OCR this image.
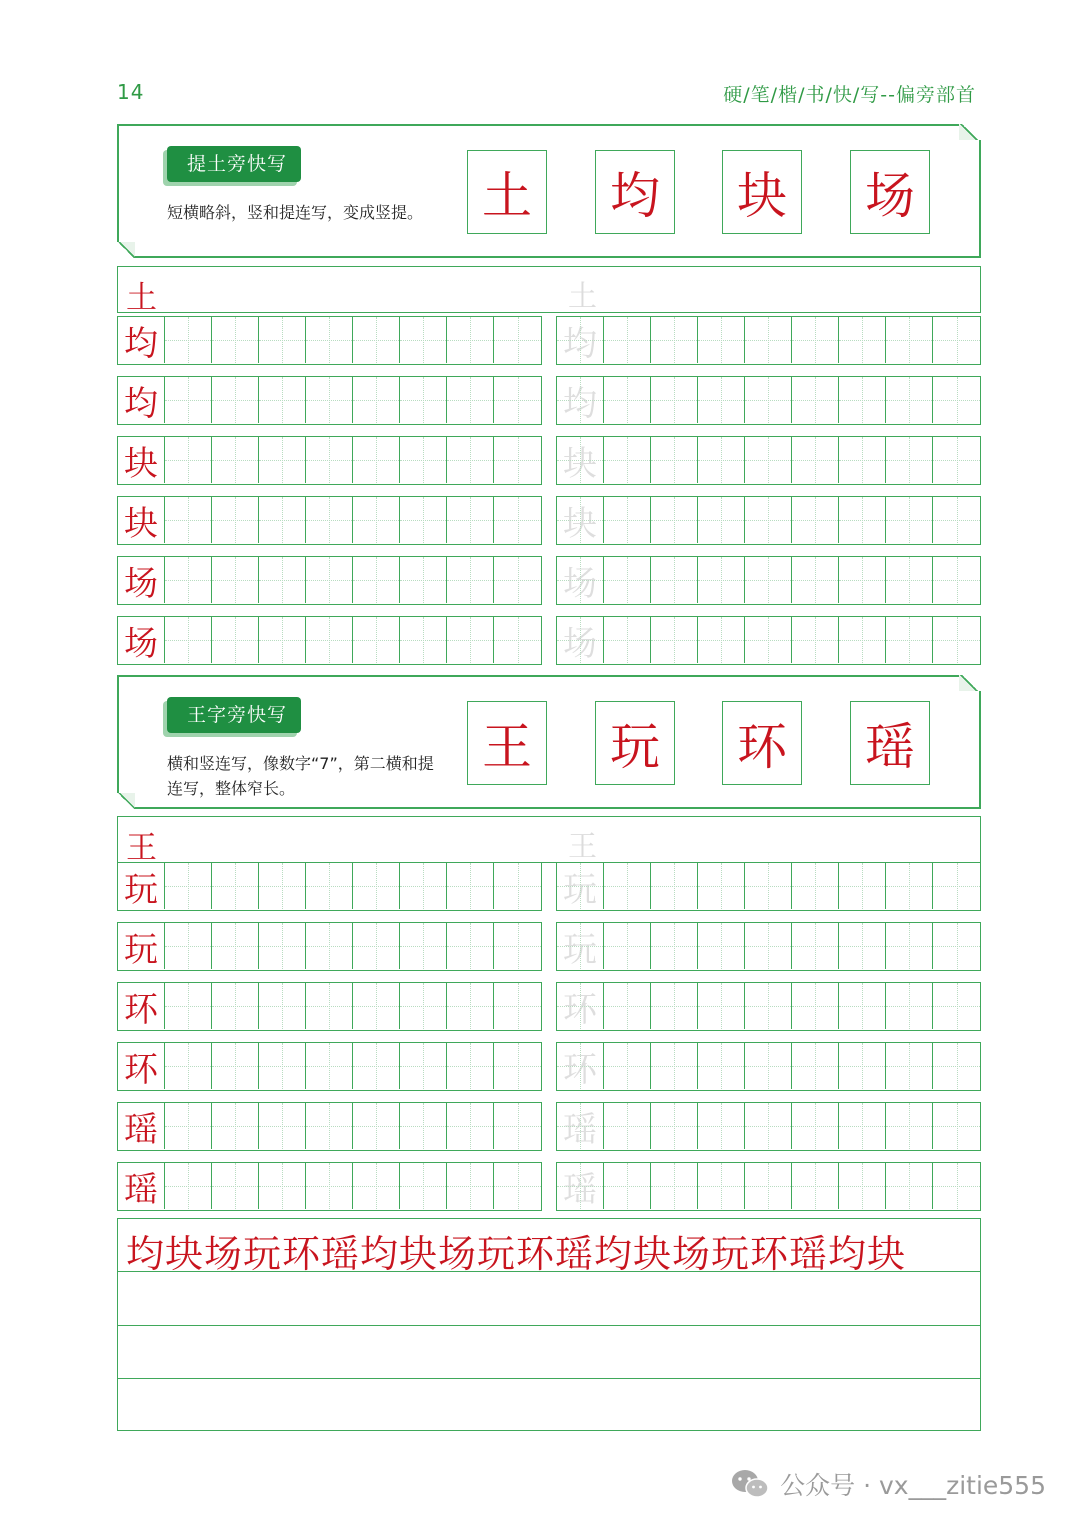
14	硬/笔/楷/书/快/写--偏旁部首
提土旁快写
短横略斜，竖和提连写，变成竖提。	土	均	块	场
土	土
均	均
均	均
块	块
块	块
场	场
场	场
王字旁快写
横和竖连写，像数字“7”，第二横和提连写，整体窄长。
王	玩	环	瑶
王	王
玩	玩
玩	玩
环	环
环	环
瑶	瑶
瑶	瑶
均块场玩环瑶均块场玩环瑶均块场玩环瑶均块
公众号 · vx___zitie555
